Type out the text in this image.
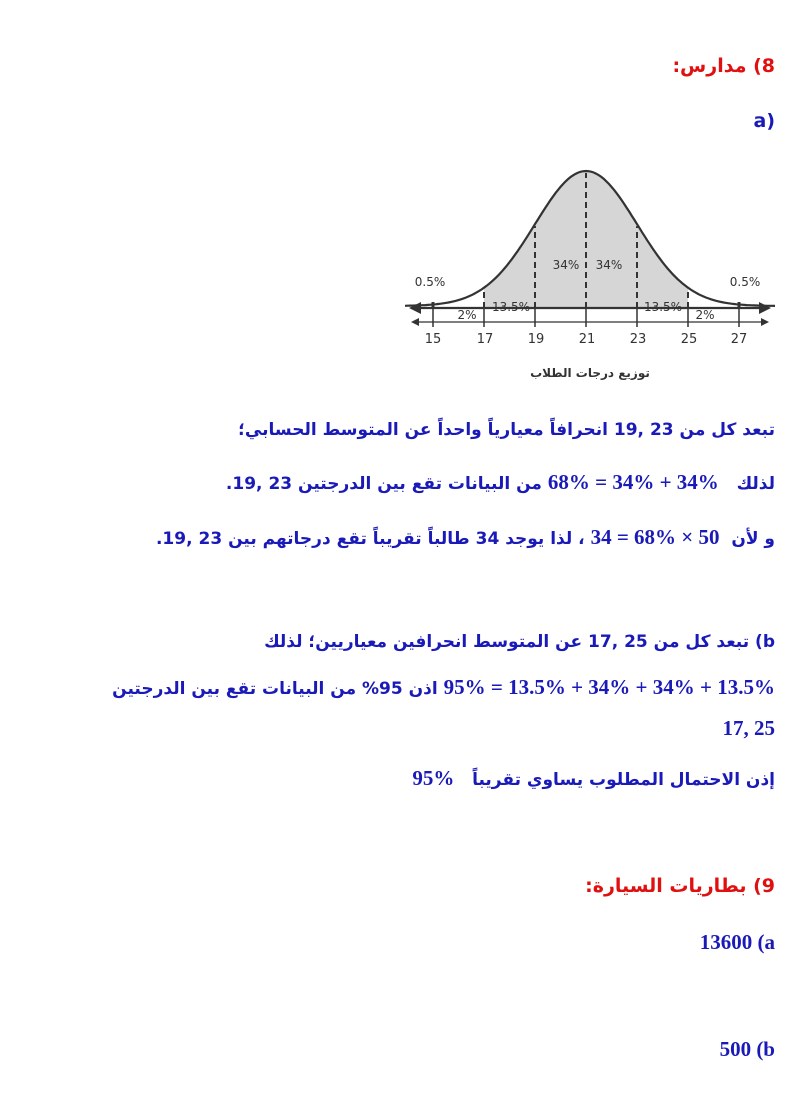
8) مدارس:
(a
0.5%
2%
13.5%
34% 34%
13.5%
2%
0.5%
15	17	19	21	23	25	27
توزيع درجات الطلاب
تبعد كل من 23 ,19 انحرافاً معيارياً واحداً عن المتوسط الحسابي؛
لذلك   68% = 34% + 34% من البيانات تقع بين الدرجتين 23 ,19.
و لأن  34 = 68% × 50 ، لذا يوجد 34 طالباً تقريباً تقع درجاتهم بين 23 ,19.
b) تبعد كل من 25 ,17 عن المتوسط انحرافين معياريين؛ لذلك
95% = 13.5% + 34% + 34% + 13.5% اذن 95% من البيانات تقع بين الدرجتين
17, 25
إذن الاحتمال المطلوب يساوي تقريباً   95%
9) بطاريات السيارة:
13600 (a
500 (b
